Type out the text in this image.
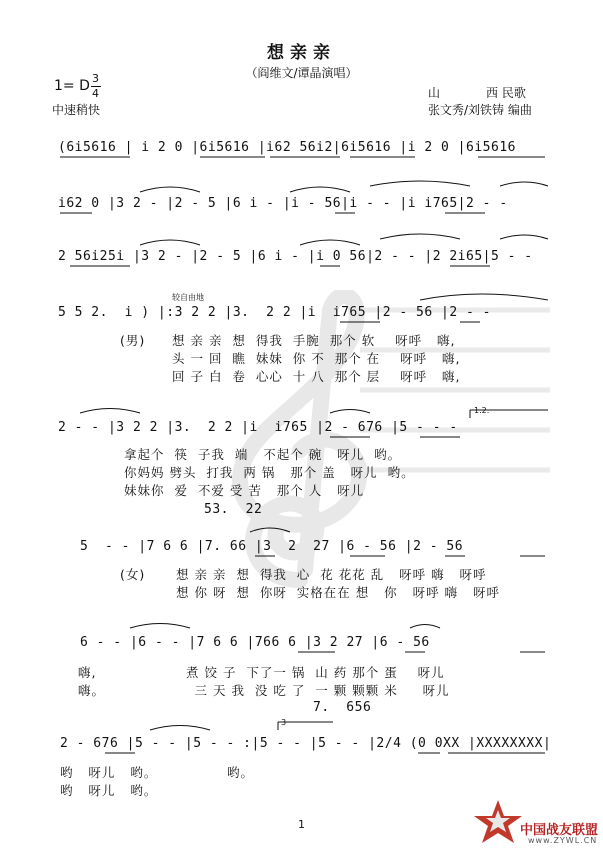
想亲亲
（阎维文/谭晶演唱）
1= D 3
4
中速稍快
山	西 民歌
张文秀/刘铁铸 编曲
(6i5616 | i 2 0 |6i5616 |i62 56i2|6i5616 |i 2 0 |6i5616
i62 0 |3 2 - |2 - 5 |6 i - |i - 56|i - - |i i765|2 - -
2 56i25i |3 2 - |2 - 5 |6 i - |i 0 56|2 - - |2 2i65|5 - -
5 5 2.  i ) |:3 2 2 |3.  2 2 |i  i765 |2 - 56 |2 - -
2 - - |3 2 2 |3.  2 2 |i  i765 |2 - 676 |5 - - -
5  - - |7 6 6 |7. 66 |3  2  27 |6 - 56 |2 - 56
6 - - |6 - - |7 6 6 |766 6 |3 2 27 |6 - 56
2 - 676 |5 - - |5 - - :|5 - - |5 - - |2/4 (0 0XX |XXXXXXXX|
较自由地
1.2.
53.  22
7.  656
3
(男) 想 亲 亲  想  得我  手腕  那个 软    呀呼   嗨,
头 一 回  瞧  妹妹  你 不  那个 在    呀呼   嗨,
回 子 白  卷  心心  十 八  那个 层    呀呼   嗨,
拿起个  筷  子我  端   不起个 碗   呀儿  哟。
你妈妈 劈头  打我  两 锅   那个 盖   呀儿  哟。
妹妹你  爱  不爱 受 苦   那个 人   呀儿
(女) 想 亲 亲  想  得我  心  花 花花 乱   呀呼 嗨   呀呼
想 你 呀  想  你呀  实格在在 想   你   呀呼 嗨   呀呼
嗨,                  煮 饺 子  下了一 锅  山 药 那个 蛋    呀儿
嗨。                  三 天 我  没 吃 了  一 颗 颗颗 米     呀儿
哟   呀儿   哟。              哟。
哟   呀儿   哟。
1	中国战友联盟
www.ZYWL.CN
